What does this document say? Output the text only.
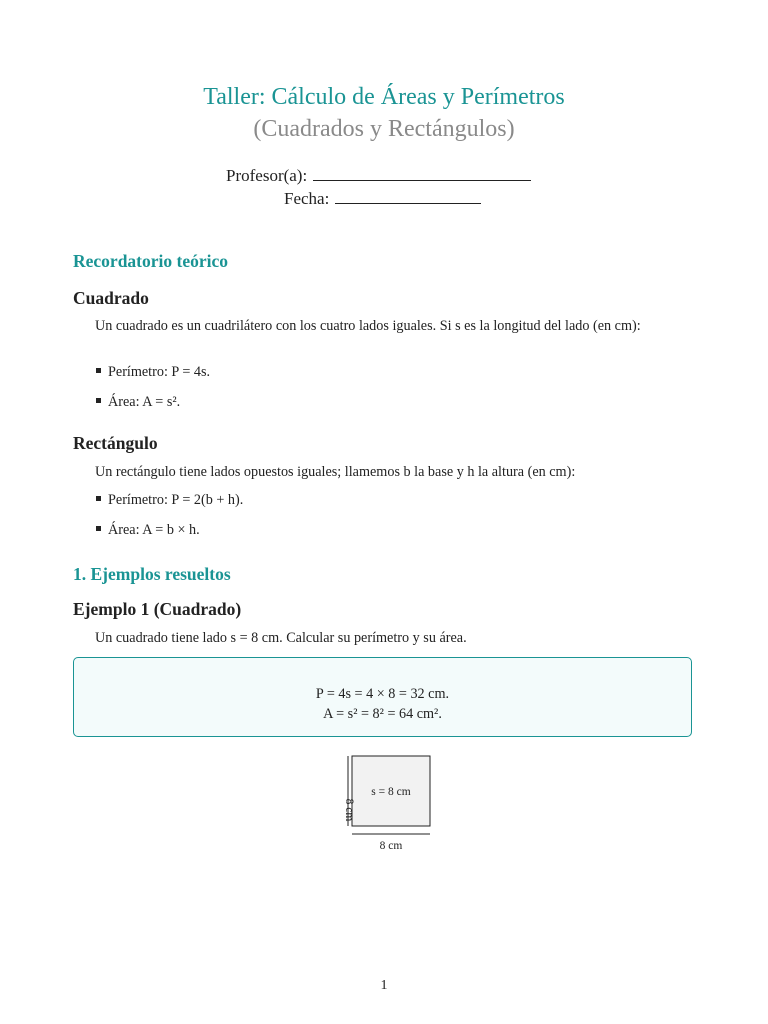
Taller: Cálculo de Áreas y Perímetros
(Cuadrados y Rectángulos)
Profesor(a):
Fecha:
Recordatorio teórico
Cuadrado
Un cuadrado es un cuadrilátero con los cuatro lados iguales. Si s es la longitud del lado (en cm):
Perímetro: P = 4s.
Área: A = s².
Rectángulo
Un rectángulo tiene lados opuestos iguales; llamemos b la base y h la altura (en cm):
Perímetro: P = 2(b + h).
Área: A = b × h.
1. Ejemplos resueltos
Ejemplo 1 (Cuadrado)
Un cuadrado tiene lado s = 8 cm. Calcular su perímetro y su área.
P = 4s = 4 × 8 = 32 cm.
A = s² = 8² = 64 cm².
s = 8 cm
8 cm
8 cm
1
